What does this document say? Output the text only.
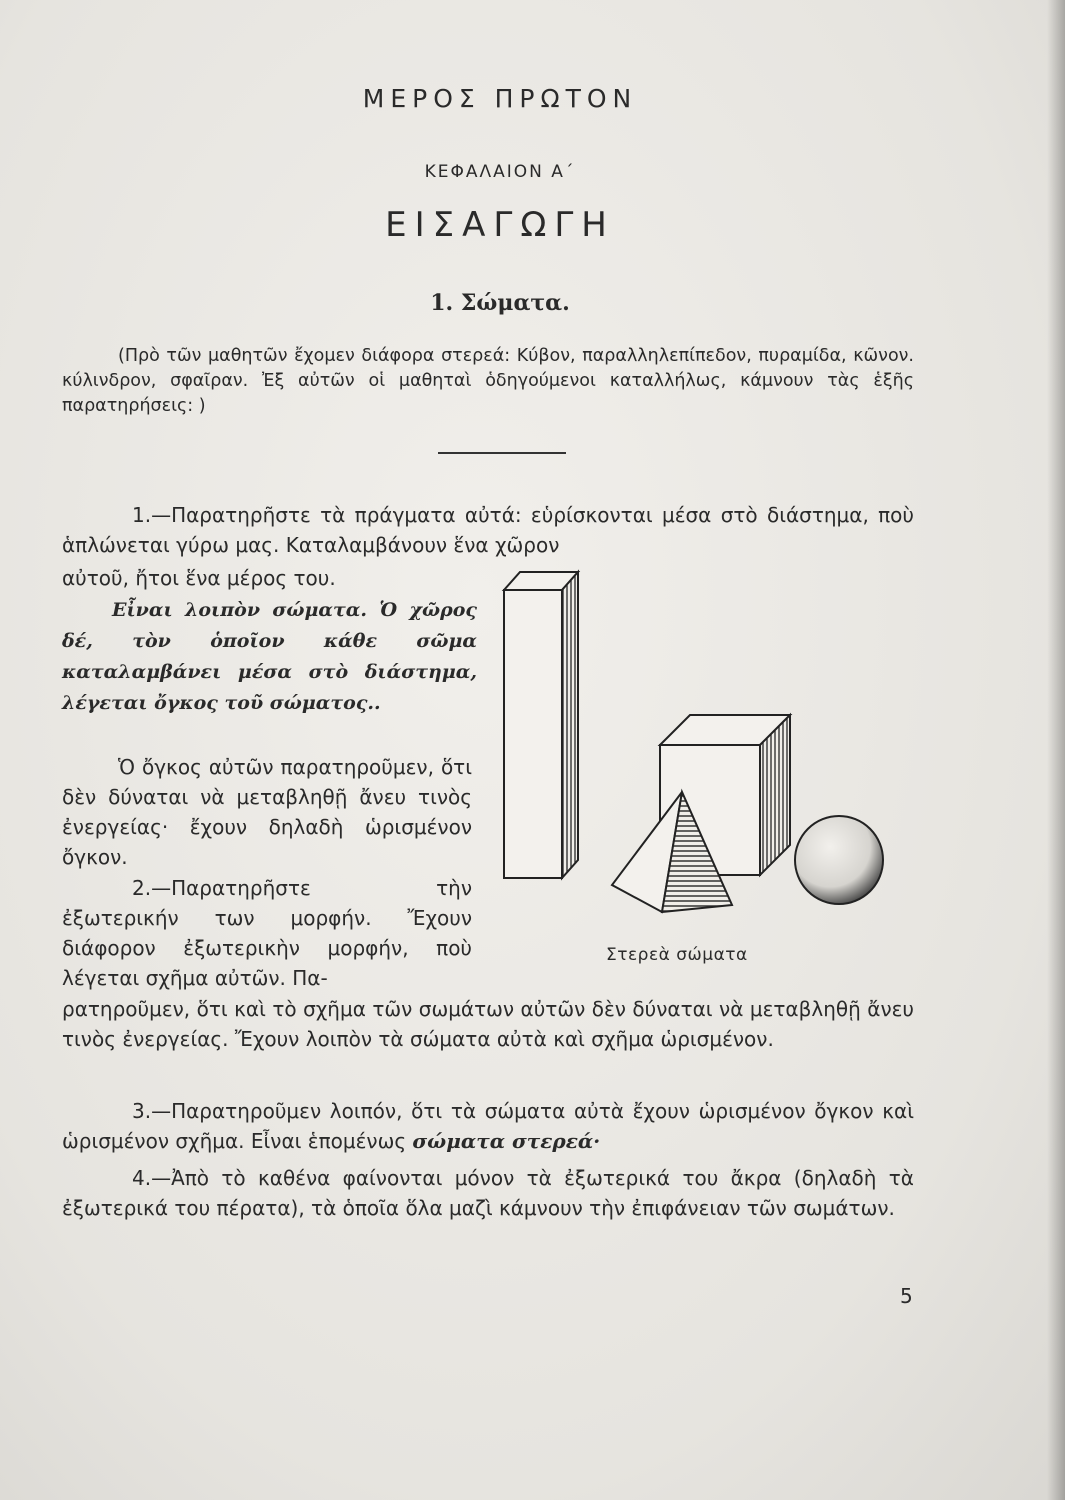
ΜΕΡΟΣ ΠΡΩΤΟΝ
ΚΕΦΑΛΑΙΟΝ Α΄
ΕΙΣΑΓΩΓΗ
1. Σώματα.

(Πρὸ τῶν μαθητῶν ἔχομεν διάφορα στερεά: Κύβον, παραλληλεπίπεδον, πυραμίδα, κῶνον. κύλινδρον, σφαῖραν. Ἐξ αὐτῶν οἱ μαθηταὶ ὁδηγούμενοι καταλλήλως, κάμνουν τὰς ἑξῆς παρατηρήσεις: )

1.—Παρατηρῆστε τὰ πράγματα αὐτά: εὑρίσκονται μέσα στὸ διάστημα, ποὺ ἁπλώνεται γύρω μας. Καταλαμβάνουν ἕνα χῶρον

αὐτοῦ, ἤτοι ἕνα μέρος του.

Εἶναι λοιπὸν σώματα. Ὁ χῶρος δέ, τὸν ὁποῖον κάθε σῶμα καταλαμβάνει μέσα στὸ διάστημα, λέγεται ὄγκος τοῦ σώματος..

Ὁ ὄγκος αὐτῶν παρατηροῦμεν, ὅτι δὲν δύναται νὰ μεταβληθῇ ἄνευ τινὸς ἐνεργείας· ἔχουν δηλαδὴ ὡρισμένον ὄγκον.

2.—Παρατηρῆστε τὴν ἐξωτερικήν των μορφήν. Ἔχουν διάφορον ἐξωτερικὴν μορφήν, ποὺ λέγεται σχῆμα αὐτῶν. Πα-

ρατηροῦμεν, ὅτι καὶ τὸ σχῆμα τῶν σωμάτων αὐτῶν δὲν δύναται νὰ μεταβληθῇ ἄνευ τινὸς ἐνεργείας. Ἔχουν λοιπὸν τὰ σώματα αὐτὰ καὶ σχῆμα ὡρισμένον.

3.—Παρατηροῦμεν λοιπόν, ὅτι τὰ σώματα αὐτὰ ἔχουν ὡρισμένον ὄγκον καὶ ὡρισμένον σχῆμα. Εἶναι ἑπομένως σώματα στερεά·

4.—Ἀπὸ τὸ καθένα φαίνονται μόνον τὰ ἐξωτερικά του ἄκρα (δηλαδὴ τὰ ἐξωτερικά του πέρατα), τὰ ὁποῖα ὅλα μαζὶ κάμνουν τὴν ἐπιφάνειαν τῶν σωμάτων.

Στερεὰ σώματα
5
